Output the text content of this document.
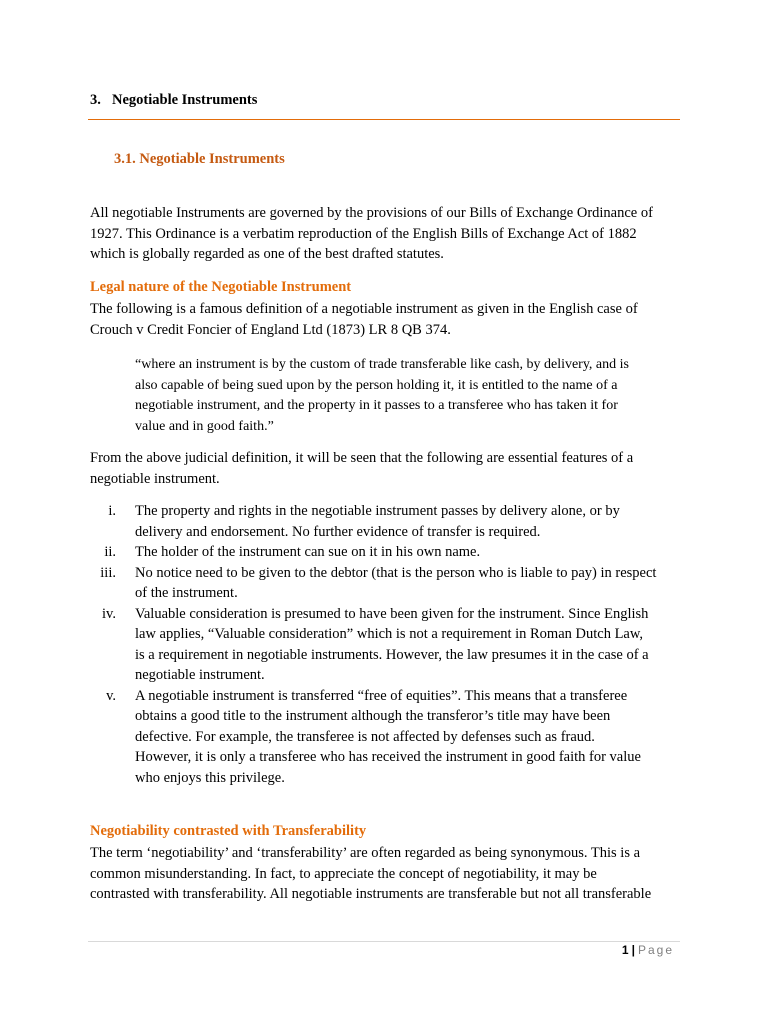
3. Negotiable Instruments
3.1. Negotiable Instruments

All negotiable Instruments are governed by the provisions of our Bills of Exchange Ordinance of
1927. This Ordinance is a verbatim reproduction of the English Bills of Exchange Act of 1882
which is globally regarded as one of the best drafted statutes.

Legal nature of the Negotiable Instrument

The following is a famous definition of a negotiable instrument as given in the English case of
Crouch v Credit Foncier of England Ltd (1873) LR 8 QB 374.

“where an instrument is by the custom of trade transferable like cash, by delivery, and is
also capable of being sued upon by the person holding it, it is entitled to the name of a
negotiable instrument, and the property in it passes to a transferee who has taken it for
value and in good faith.”

From the above judicial definition, it will be seen that the following are essential features of a
negotiable instrument.

i. The property and rights in the negotiable instrument passes by delivery alone, or by
delivery and endorsement. No further evidence of transfer is required.
ii. The holder of the instrument can sue on it in his own name.
iii. No notice need to be given to the debtor (that is the person who is liable to pay) in respect
of the instrument.
iv. Valuable consideration is presumed to have been given for the instrument. Since English
law applies, “Valuable consideration” which is not a requirement in Roman Dutch Law,
is a requirement in negotiable instruments. However, the law presumes it in the case of a
negotiable instrument.
v. A negotiable instrument is transferred “free of equities”. This means that a transferee
obtains a good title to the instrument although the transferor’s title may have been
defective. For example, the transferee is not affected by defenses such as fraud.
However, it is only a transferee who has received the instrument in good faith for value
who enjoys this privilege.
Negotiability contrasted with Transferability

The term ‘negotiability’ and ‘transferability’ are often regarded as being synonymous. This is a
common misunderstanding. In fact, to appreciate the concept of negotiability, it may be
contrasted with transferability. All negotiable instruments are transferable but not all transferable

1 | Page
